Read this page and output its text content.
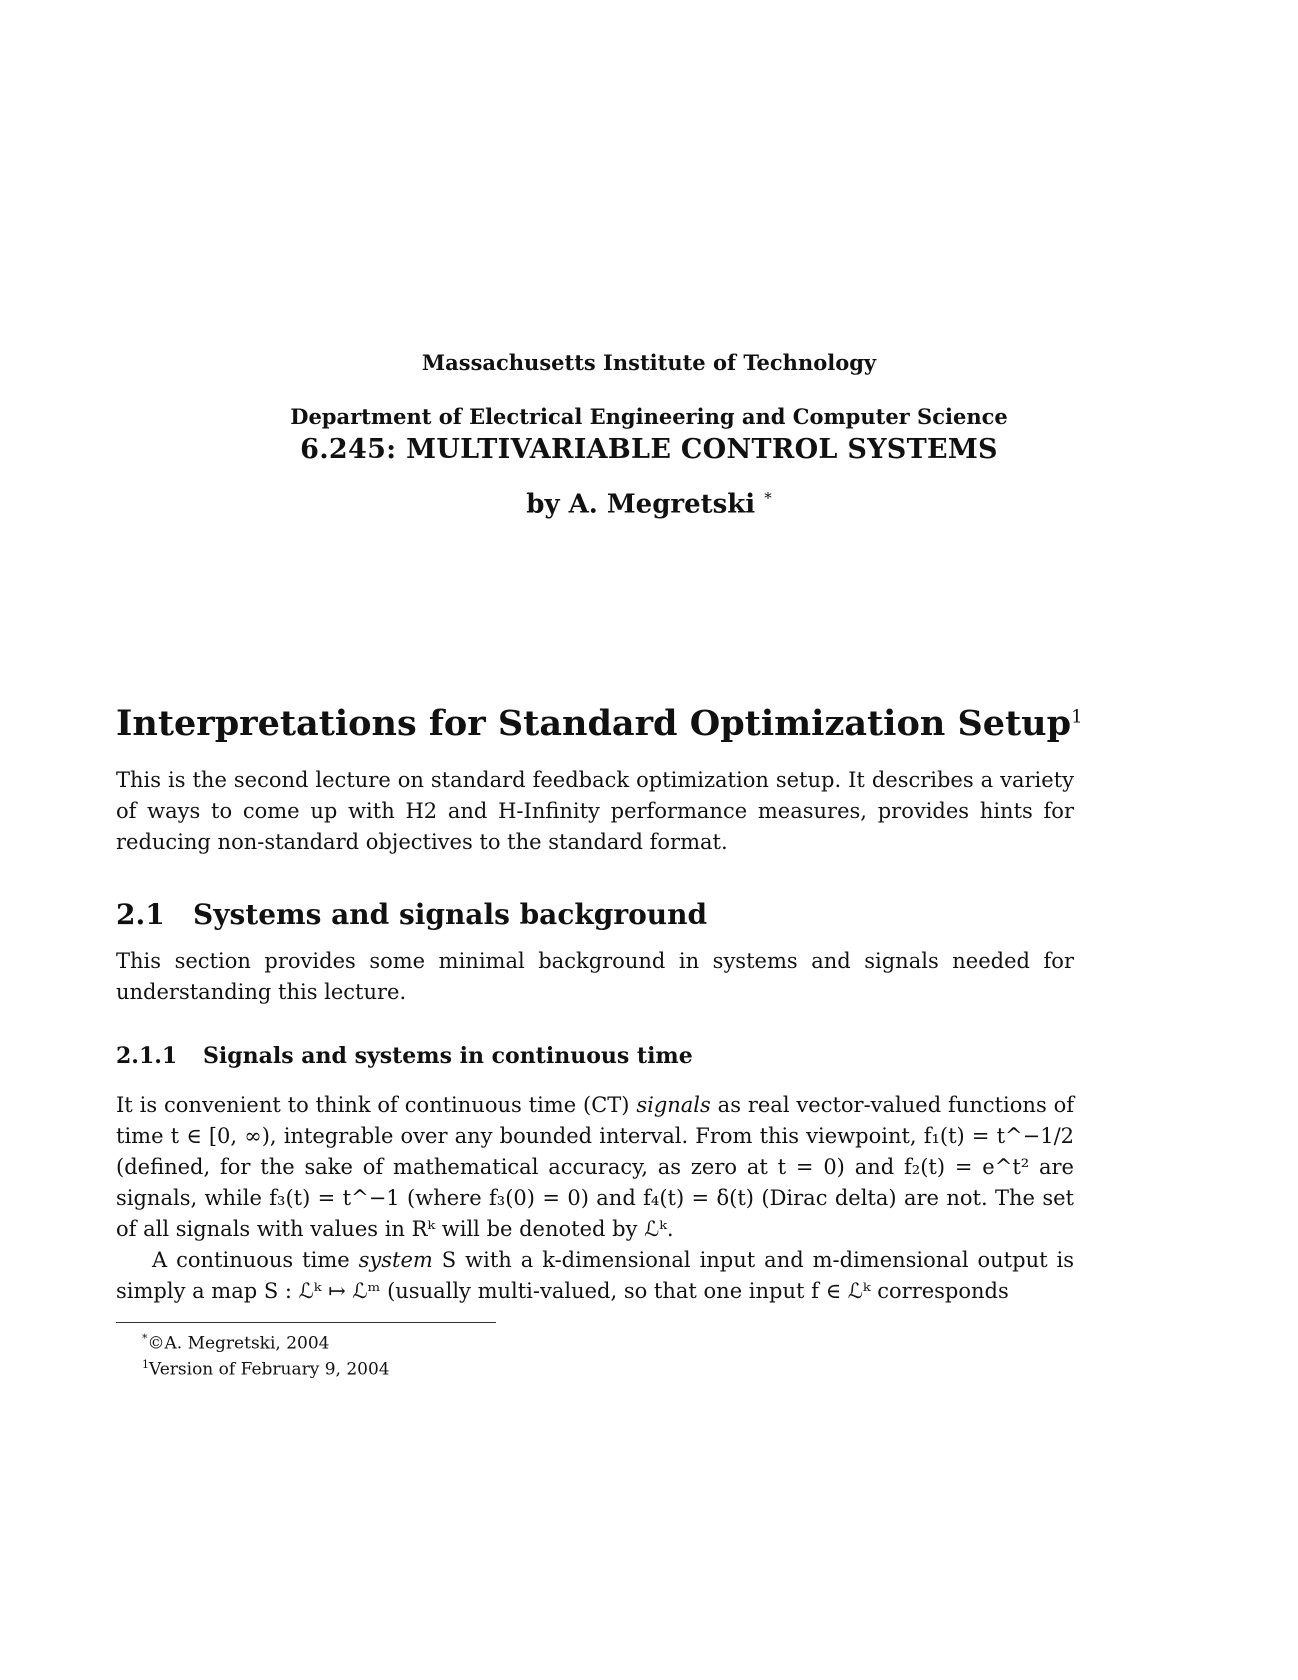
Massachusetts Institute of Technology
Department of Electrical Engineering and Computer Science
6.245: MULTIVARIABLE CONTROL SYSTEMS
by A. Megretski *
Interpretations for Standard Optimization Setup$^1$
This is the second lecture on standard feedback optimization setup. It describes a variety of ways to come up with H2 and H-Infinity performance measures, provides hints for reducing non-standard objectives to the standard format.
2.1 Systems and signals background
This section provides some minimal background in systems and signals needed for understanding this lecture.
2.1.1 Signals and systems in continuous time

It is convenient to think of continuous time (CT) signals as real vector-valued functions of time t ∈ [0, ∞), integrable over any bounded interval. From this viewpoint, f₁(t) = t^−1/2 (defined, for the sake of mathematical accuracy, as zero at t = 0) and f₂(t) = e^t² are signals, while f₃(t) = t^−1 (where f₃(0) = 0) and f₄(t) = δ(t) (Dirac delta) are not. The set of all signals with values in Rᵏ will be denoted by ℒᵏ.

A continuous time system S with a k-dimensional input and m-dimensional output is simply a map S : ℒᵏ ↦ ℒᵐ (usually multi-valued, so that one input f ∈ ℒᵏ corresponds

*©A. Megretski, 2004
$^1$Version of February 9, 2004
